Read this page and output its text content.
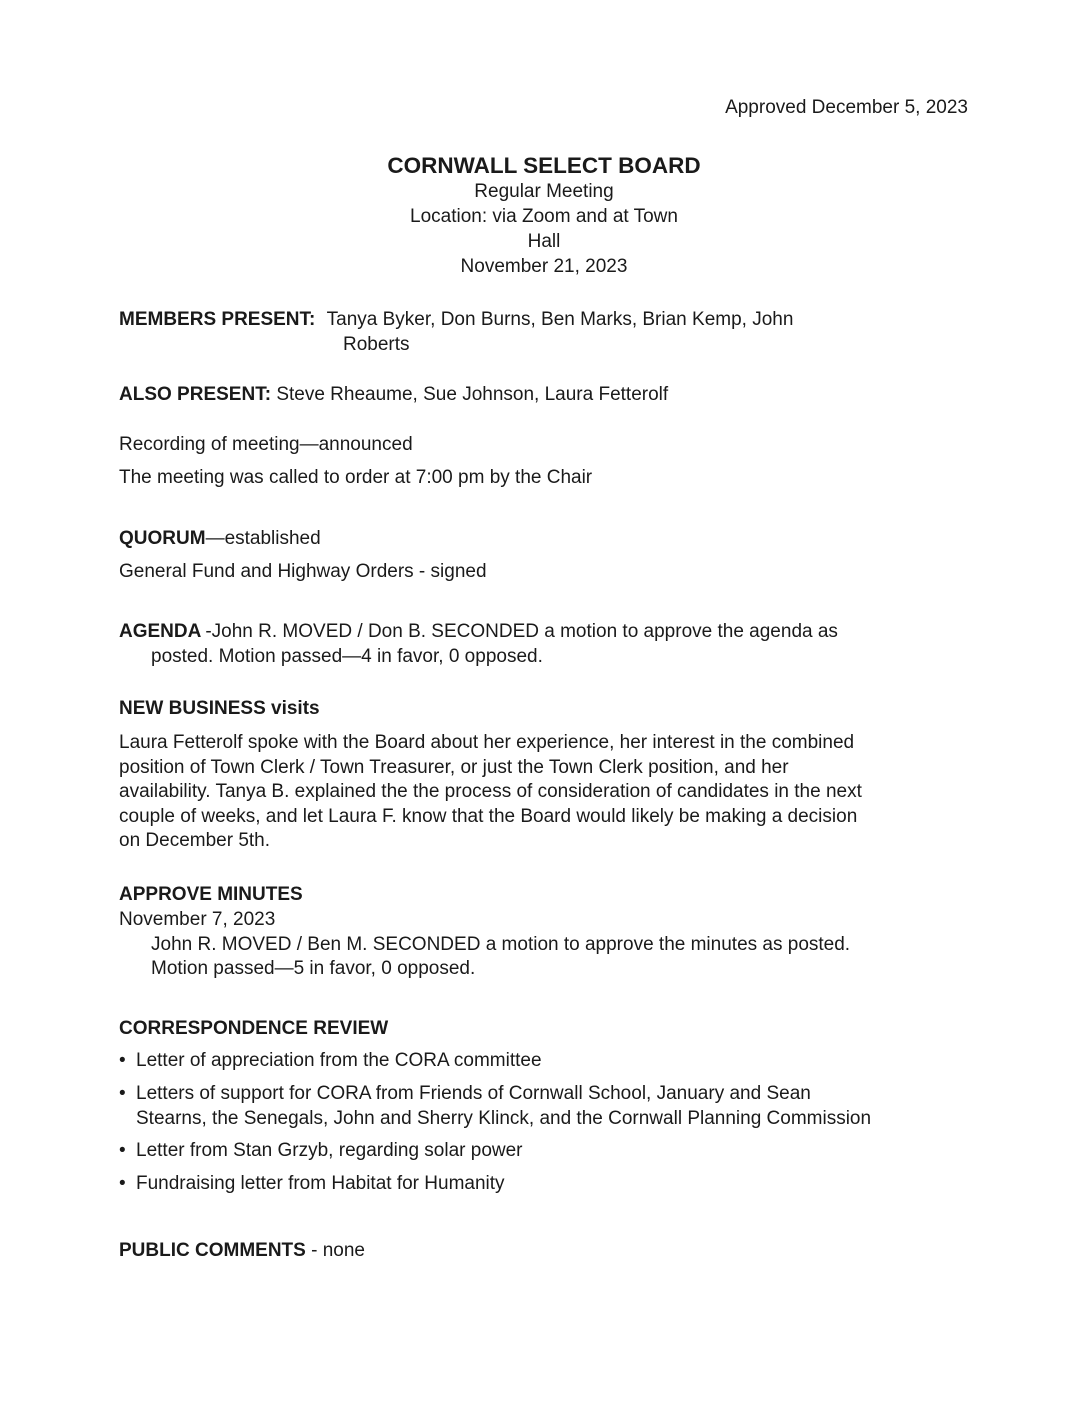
Approved December 5, 2023
CORNWALL SELECT BOARD
Regular Meeting
Location: via Zoom and at Town
Hall
November 21, 2023
MEMBERS PRESENT: Tanya Byker, Don Burns, Ben Marks, Brian Kemp, John
Roberts
ALSO PRESENT: Steve Rheaume, Sue Johnson, Laura Fetterolf
Recording of meeting—announced
The meeting was called to order at 7:00 pm by the Chair
QUORUM—established
General Fund and Highway Orders - signed
AGENDA -John R. MOVED / Don B. SECONDED a motion to approve the agenda as
posted. Motion passed—4 in favor, 0 opposed.
NEW BUSINESS visits
Laura Fetterolf spoke with the Board about her experience, her interest in the combined
position of Town Clerk / Town Treasurer, or just the Town Clerk position, and her
availability. Tanya B. explained the the process of consideration of candidates in the next
couple of weeks, and let Laura F. know that the Board would likely be making a decision
on December 5th.
APPROVE MINUTES
November 7, 2023
John R. MOVED / Ben M. SECONDED a motion to approve the minutes as posted.
Motion passed—5 in favor, 0 opposed.
CORRESPONDENCE REVIEW
• Letter of appreciation from the CORA committee
• Letters of support for CORA from Friends of Cornwall School, January and Sean
Stearns, the Senegals, John and Sherry Klinck, and the Cornwall Planning Commission
• Letter from Stan Grzyb, regarding solar power
• Fundraising letter from Habitat for Humanity
PUBLIC COMMENTS - none
